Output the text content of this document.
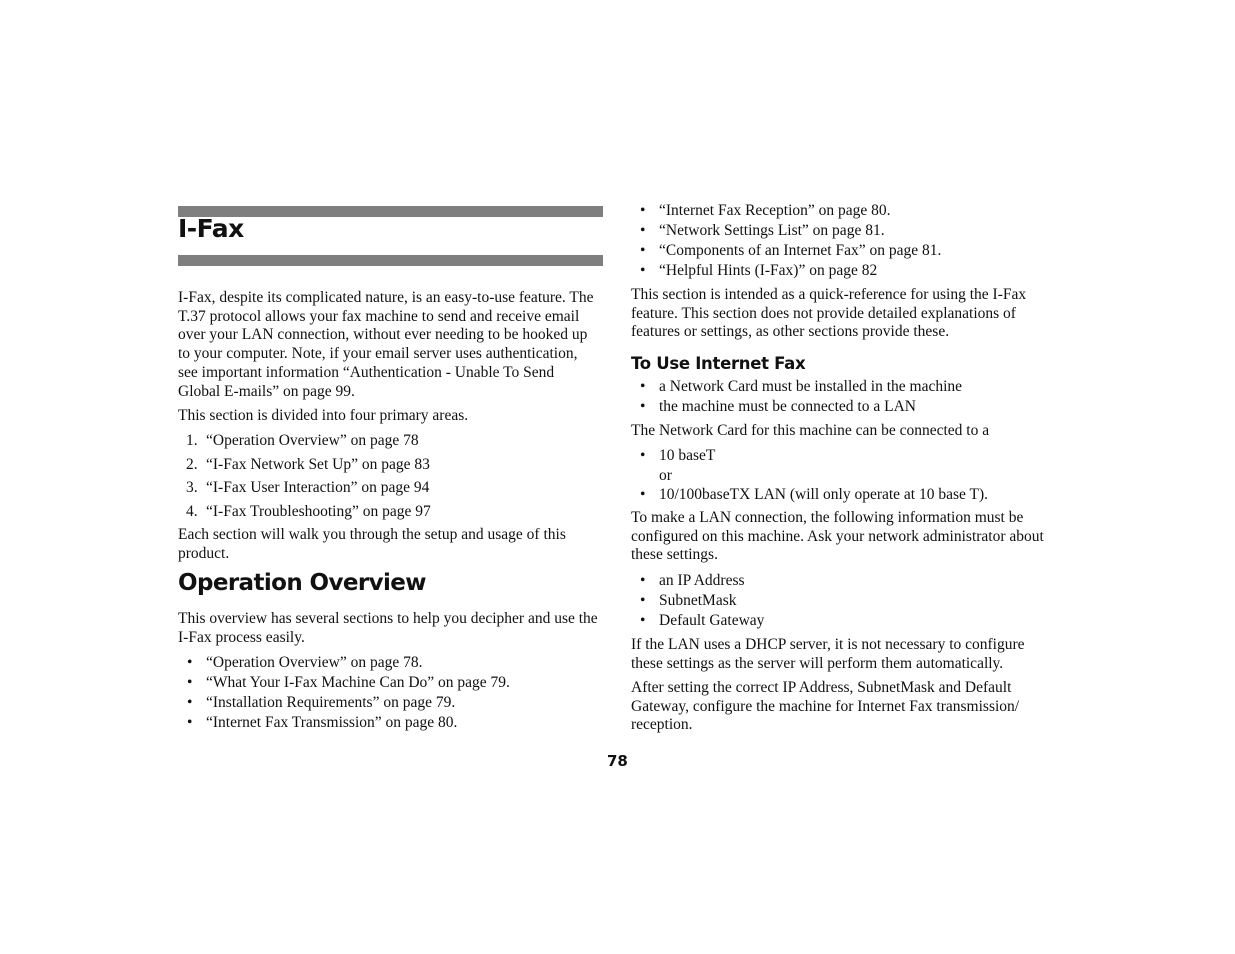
I-Fax

I-Fax, despite its complicated nature, is an easy-to-use feature. The T.37 protocol allows your fax machine to send and receive email over your LAN connection, without ever needing to be hooked up to your computer. Note, if your email server uses authentication, see important information “Authentication - Unable To Send Global E-mails” on page 99.

This section is divided into four primary areas.

1. “Operation Overview” on page 78
2. “I-Fax Network Set Up” on page 83
3. “I-Fax User Interaction” on page 94
4. “I-Fax Troubleshooting” on page 97

Each section will walk you through the setup and usage of this product.

Operation Overview

This overview has several sections to help you decipher and use the I-Fax process easily.

• “Operation Overview” on page 78.
• “What Your I-Fax Machine Can Do” on page 79.
• “Installation Requirements” on page 79.
• “Internet Fax Transmission” on page 80.
• “Internet Fax Reception” on page 80.
• “Network Settings List” on page 81.
• “Components of an Internet Fax” on page 81.
• “Helpful Hints (I-Fax)” on page 82

This section is intended as a quick-reference for using the I-Fax feature. This section does not provide detailed explanations of features or settings, as other sections provide these.

To Use Internet Fax
• a Network Card must be installed in the machine
• the machine must be connected to a LAN

The Network Card for this machine can be connected to a

• 10 baseT
or
• 10/100baseTX LAN (will only operate at 10 base T).

To make a LAN connection, the following information must be configured on this machine. Ask your network administrator about these settings.

• an IP Address
• SubnetMask
• Default Gateway

If the LAN uses a DHCP server, it is not necessary to configure these settings as the server will perform them automatically.

After setting the correct IP Address, SubnetMask and Default Gateway, configure the machine for Internet Fax transmission/ reception.

78
